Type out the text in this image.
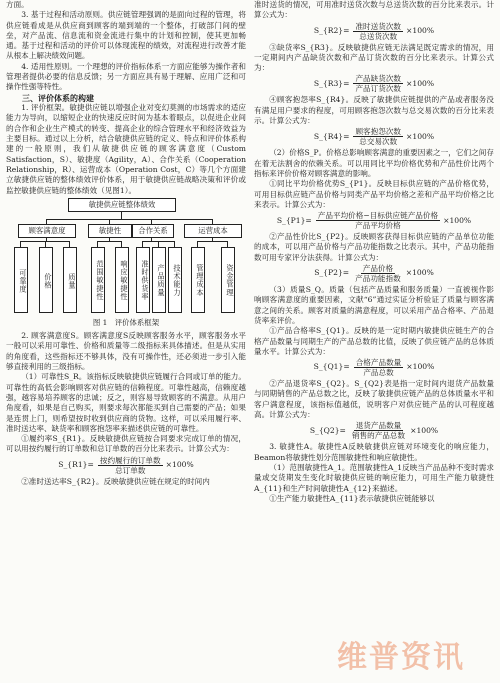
方面。

3. 基于过程和活动原则。供应链管理强调的是面向过程的管理，将供应链看成是从供应商到顾客的端到端的一个整体，打破部门间的壁垒，对产品流、信息流和资金流进行集中的计划和控制，使其更加畅通。基于过程和活动的评价可以体现流程的绩效，对流程进行改善才能从根本上解决绩效问题。

4. 适用性原则。一个理想的评价指标体系一方面应能够为操作者和管理者提供必要的信息反馈；另一方面应具有易于理解、应用广泛和可操作性强等特性。

三、评价体系的构建

1. 评价框架。敏捷供应链以增强企业对变幻莫测的市场需求的适应能力为导向，以缩短企业的快速反应时间为基本着眼点，以促进企业间的合作和企业生产模式的转变、提高企业的综合管理水平和经济效益为主要目标。通过以上分析，结合敏捷供应链的定义、特点和评价体系构建的一般原则，我们从敏捷供应链的顾客满意度（Custom Satisfaction，S）、敏捷度（Agility，A）、合作关系（Cooperation Relationship，R）、运营成本（Operation Cost，C）等几个方面建立敏捷供应链的整体绩效评价体系，用于敏捷供应链战略决策和评价或监控敏捷供应链的整体绩效（见图1）。

敏捷供应链整体绩效
顾客满意度	敏捷性	合作关系	运营成本
可靠度	价格	质量	范围敏捷性	响应敏捷性	准时供货率 产品质量 技术能力	管理成本	资金管理

图 1　评价体系框架

2. 顾客满意度S。顾客满意度S反映顾客服务水平，顾客服务水平一般可以采用可靠性、价格和质量等二级指标来具体描述。但是从实用的角度看，这些指标还不够具体，没有可操作性，还必须进一步引入能够直接利用的三级指标。

（1）可靠性S_R。该指标反映敏捷供应链履行合同或订单的能力。可靠性的高低会影响顾客对供应链的信赖程度。可靠性越高，信赖度越强，越容易培养顾客的忠诚；反之，则容易导致顾客的不满意。从用户角度看，如果是自己购买，则要求每次都能买到自己需要的产品；如果是连贯上门，则希望按时收到供应商的货物。这样，可以采用履行率、准时送达率、缺货率和顾客抱怨率来描述供应链的可靠性。

①履约率S_{R1}。反映敏捷供应链按合同要求完成订单的情况，可以用按约履行的订单数和总订单数的百分比来表示。计算公式为：

S_{R1}= $\frac{\text{按约履行的订单数}}{\text{总订单数}} \times 100\%$

②准时送达率S_{R2}。反映敏捷供应链在规定的时间内

准时送货的情况，可用准时送货次数与总送货次数的百分比来表示。计算公式为：

S_{R2}= $\frac{\text{准时送货次数}}{\text{总送货次数}} \times 100\%$

③缺货率S_{R3}。反映敏捷供应链无法满足既定需求的情况，用一定期间内产品缺货次数和产品订货次数的百分比来表示。计算公式为：

S_{R3}= $\frac{\text{产品缺货次数}}{\text{产品订货次数}} \times 100\%$

④顾客抱怨率S_{R4}。反映了敏捷供应链提供的产品或者服务没有满足用户要求的程度，可用顾客抱怨次数与总交易次数的百分比来表示。计算公式为：

S_{R4}= $\frac{\text{顾客抱怨次数}}{\text{总交易次数}} \times 100\%$

（2）价格S_P。价格总影响顾客满意的重要因素之一，它们之间存在着无法割舍的依赖关系。可以用同比平均价格优势和产品性价比两个指标来评价价格对顾客满意的影响。

①同比平均价格优势S_{P1}。反映目标供应链的产品价格优势，可用目标供应链产品价格与同类产品平均价格之差和产品平均价格之比来表示。计算公式为：

S_{P1}= $\frac{\text{产品平均价格−目标供应链产品价格}}{\text{产品平均价格}} \times 100\%$

②产品性价比S_{P2}。反映顾客获得目标供应链的产品单位功能的成本，可以用产品价格与产品功能指数之比表示。其中，产品功能指数可用专家评分法获得。计算公式为：

S_{P2}= $\frac{\text{产品价格}}{\text{产品功能指数}} \times 100\%$

（3）质量S_Q。质量（包括产品质量和服务质量）一直被视作影响顾客满意度的重要因素，文献“6”通过实证分析验证了质量与顾客满意之间的关系。顾客对质量的满意程度，可以采用产品合格率、产品退货率来评价。

①产品合格率S_{Q1}。反映的是一定时期内敏捷供应链生产的合格产品数量与同期生产的产品总数的比值，反映了供应链产品的总体质量水平。计算公式为：

S_{Q1}= $\frac{\text{合格产品数量}}{\text{产品总数}} \times 100\%$

②产品退货率S_{Q2}。S_{Q2}表是指一定时间内退货产品数量与同期销售的产品总数之比，反映了敏捷供应链产品的总体质量水平和客户满意程度，该指标值越低，说明客户对供应链产品的认可程度越高。计算公式为：

S_{Q2}= $\frac{\text{退货产品数量}}{\text{销售的产品总数}} \times 100\%$

3. 敏捷性A。敏捷性A反映敏捷供应链对环境变化的响应能力，Beamon将敏捷性划分范围敏捷性和响应敏捷性。

（1）范围敏捷性A_1。范围敏捷性A_1反映当产品品种不变时需求量或交货期发生变化时敏捷供应链的响应能力，可用生产能力敏捷性A_{11}和生产时间敏捷性A_{12}来描述。

①生产能力敏捷性A_{11}表示敏捷供应链能够以

维普资讯
